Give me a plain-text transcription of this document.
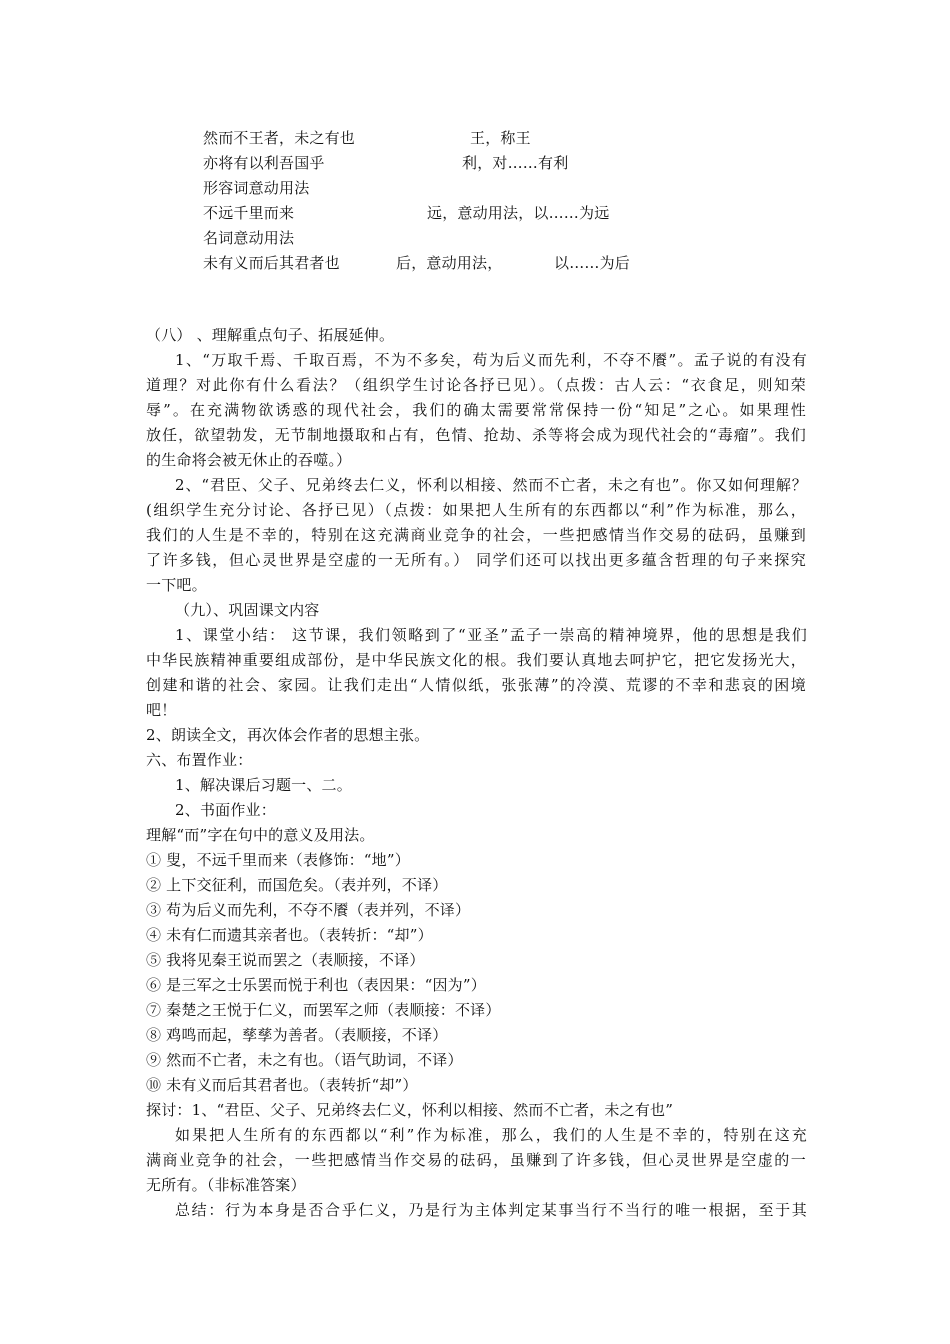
然而不王者，未之有也	王，称王
亦将有以利吾国乎	利，对……有利
形容词意动用法
不远千里而来	远，意动用法，以……为远
名词意动用法
未有义而后其君者也	后，意动用法，	以……为后
（八） 、理解重点句子、拓展延伸。
1、“万取千焉、千取百焉，不为不多矣，苟为后义而先利，不夺不餍”。孟子说的有没有
道理？对此你有什么看法？（组织学生讨论各抒已见）。（点拨：古人云：“衣食足，则知荣
辱”。在充满物欲诱惑的现代社会，我们的确太需要常常保持一份“知足”之心。如果理性
放任，欲望勃发，无节制地摄取和占有，色情、抢劫、杀等将会成为现代社会的“毒瘤”。我们
的生命将会被无休止的吞噬。）
2、“君臣、父子、兄弟终去仁义，怀利以相接、然而不亡者，未之有也”。你又如何理解？
(组织学生充分讨论、各抒已见）（点拨：如果把人生所有的东西都以“利”作为标准，那么，
我们的人生是不幸的，特别在这充满商业竞争的社会，一些把感情当作交易的砝码，虽赚到
了许多钱，但心灵世界是空虚的一无所有。） 同学们还可以找出更多蕴含哲理的句子来探究
一下吧。
（九）、巩固课文内容
1、课堂小结： 这节课，我们领略到了“亚圣”孟子一崇高的精神境界，他的思想是我们
中华民族精神重要组成部份，是中华民族文化的根。我们要认真地去呵护它，把它发扬光大，
创建和谐的社会、家园。让我们走出“人情似纸，张张薄”的冷漠、荒谬的不幸和悲哀的困境
吧！
2、朗读全文，再次体会作者的思想主张。
六、布置作业：
1、解决课后习题一、二。
2、书面作业：
理解“而”字在句中的意义及用法。
① 叟，不远千里而来（表修饰：“地”）
② 上下交征利，而国危矣。（表并列，不译）
③ 苟为后义而先利，不夺不餍（表并列，不译）
④ 未有仁而遗其亲者也。（表转折：“却”）
⑤ 我将见秦王说而罢之（表顺接，不译）
⑥ 是三军之士乐罢而悦于利也（表因果：“因为”）
⑦ 秦楚之王悦于仁义，而罢军之师（表顺接：不译）
⑧ 鸡鸣而起，孳孳为善者。（表顺接，不译）
⑨ 然而不亡者，未之有也。（语气助词，不译）
⑩ 未有义而后其君者也。（表转折“却”）
探讨：1、“君臣、父子、兄弟终去仁义，怀利以相接、然而不亡者，未之有也”
如果把人生所有的东西都以“利”作为标准，那么，我们的人生是不幸的，特别在这充
满商业竞争的社会，一些把感情当作交易的砝码，虽赚到了许多钱，但心灵世界是空虚的一
无所有。（非标准答案）
总结：行为本身是否合乎仁义，乃是行为主体判定某事当行不当行的唯一根据，至于其
